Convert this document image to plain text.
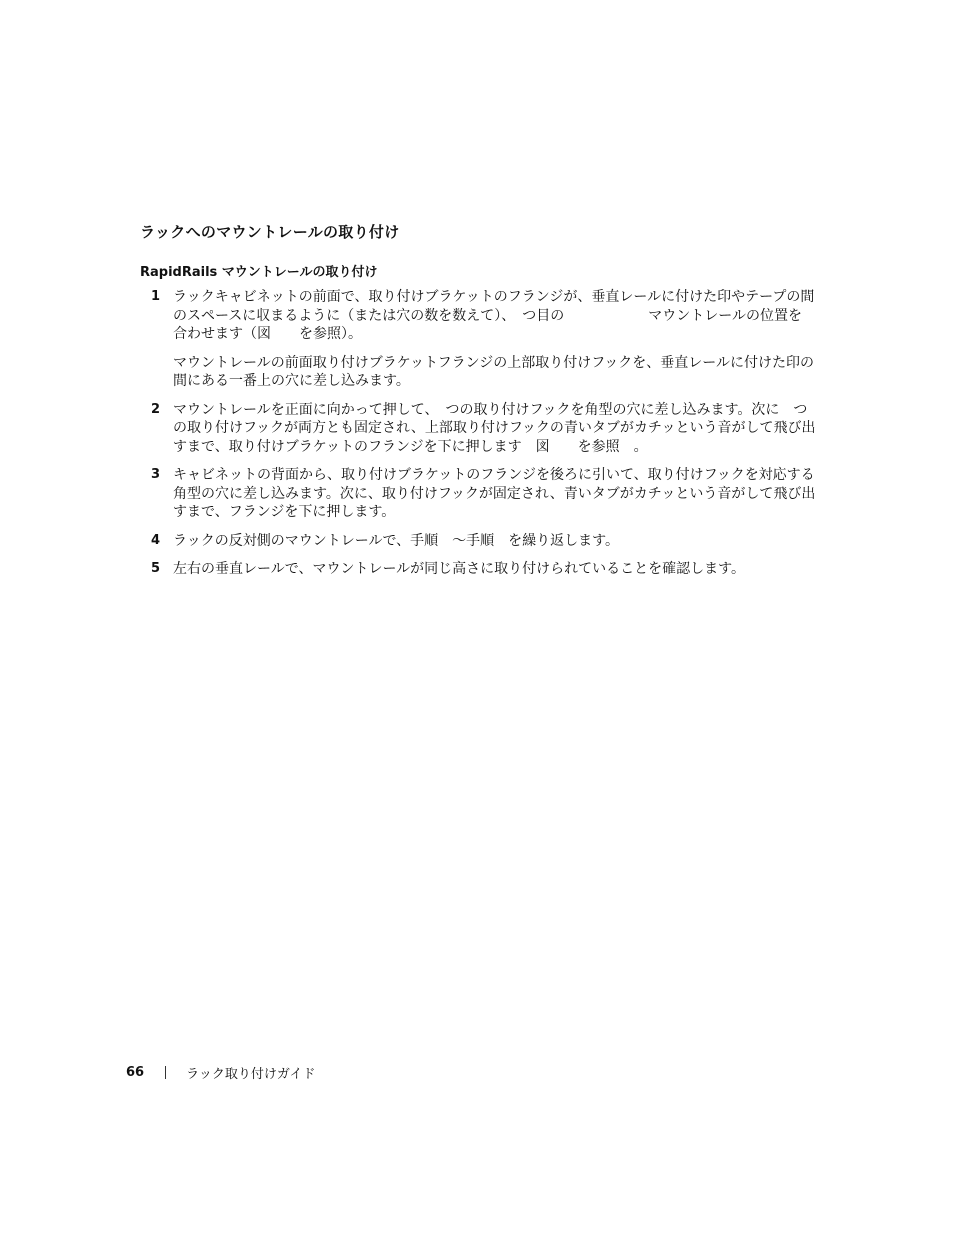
ラックへのマウントレールの取り付け
RapidRails マウントレールの取り付け
1 ラックキャビネットの前面で、取り付けブラケットのフランジが、垂直レールに付けた印やテープの間のスペースに収まるように（または穴の数を数えて）、　つ目の　　　　　　マウントレールの位置を合わせます（図　　を参照）。
マウントレールの前面取り付けブラケットフランジの上部取り付けフックを、垂直レールに付けた印の間にある一番上の穴に差し込みます。
2 マウントレールを正面に向かって押して、　つの取り付けフックを角型の穴に差し込みます。次に　つの取り付けフックが両方とも固定され、上部取り付けフックの青いタブがカチッという音がして飛び出すまで、取り付けブラケットのフランジを下に押します　図　　を参照　。
3 キャビネットの背面から、取り付けブラケットのフランジを後ろに引いて、取り付けフックを対応する角型の穴に差し込みます。次に、取り付けフックが固定され、青いタブがカチッという音がして飛び出すまで、フランジを下に押します。
4 ラックの反対側のマウントレールで、手順　～手順　を繰り返します。
5 左右の垂直レールで、マウントレールが同じ高さに取り付けられていることを確認します。
66	ラック取り付けガイド
